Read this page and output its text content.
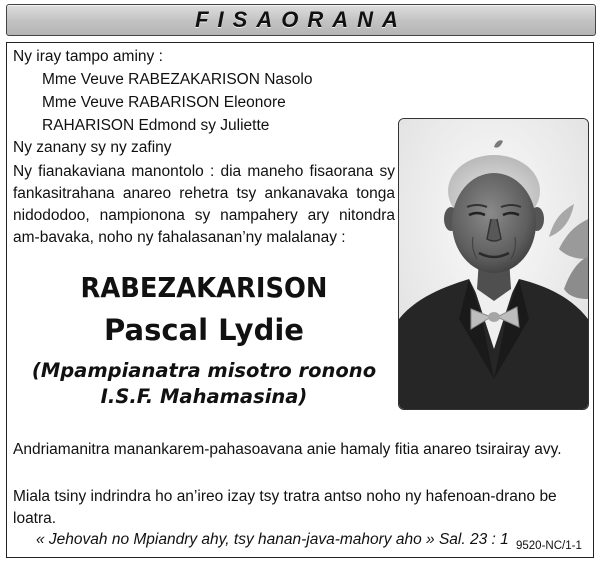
FISAORANA
Ny iray tampo aminy :
Mme Veuve RABEZAKARISON Nasolo
Mme Veuve RABARISON Eleonore
RAHARISON Edmond sy Juliette
Ny zanany sy ny zafiny
Ny fianakaviana manontolo : dia maneho fisaorana sy fankasitrahana anareo rehetra tsy ankanavaka tonga nidododoo, nampionona sy nampahery ary nitondra am-bavaka, noho ny fahalasanan’ny malalanay :
RABEZAKARISON
Pascal Lydie
(Mpampianatra misotro ronono
I.S.F. Mahamasina)
Andriamanitra manankarem-pahasoavana anie hamaly fitia anareo tsirairay avy.
Miala tsiny indrindra ho an’ireo izay tsy tratra antso noho ny hafenoan-drano be loatra.
« Jehovah no Mpiandry ahy, tsy hanan-java-mahory aho » Sal. 23 : 1 9520-NC/1-1
